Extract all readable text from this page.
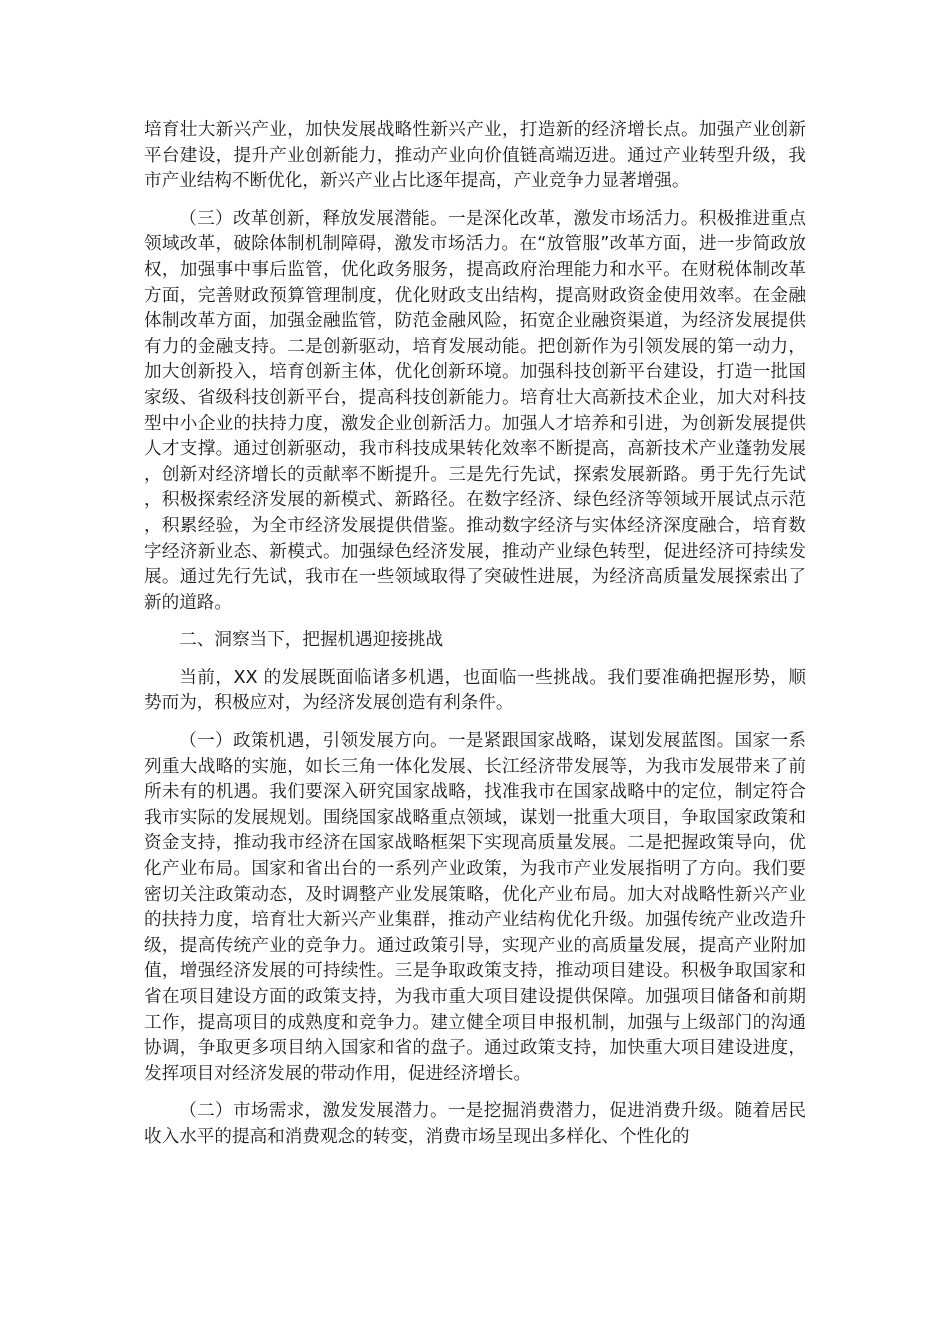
培育壮大新兴产业，加快发展战略性新兴产业，打造新的经济增长点。加强产业创新平台建设，提升产业创新能力，推动产业向价值链高端迈进。通过产业转型升级，我市产业结构不断优化，新兴产业占比逐年提高，产业竞争力显著增强。

（三）改革创新，释放发展潜能。一是深化改革，激发市场活力。积极推进重点领域改革，破除体制机制障碍，激发市场活力。在“放管服”改革方面，进一步简政放权，加强事中事后监管，优化政务服务，提高政府治理能力和水平。在财税体制改革方面，完善财政预算管理制度，优化财政支出结构，提高财政资金使用效率。在金融体制改革方面，加强金融监管，防范金融风险，拓宽企业融资渠道，为经济发展提供有力的金融支持。二是创新驱动，培育发展动能。把创新作为引领发展的第一动力，加大创新投入，培育创新主体，优化创新环境。加强科技创新平台建设，打造一批国家级、省级科技创新平台，提高科技创新能力。培育壮大高新技术企业，加大对科技型中小企业的扶持力度，激发企业创新活力。加强人才培养和引进，为创新发展提供人才支撑。通过创新驱动，我市科技成果转化效率不断提高，高新技术产业蓬勃发展，创新对经济增长的贡献率不断提升。三是先行先试，探索发展新路。勇于先行先试，积极探索经济发展的新模式、新路径。在数字经济、绿色经济等领域开展试点示范，积累经验，为全市经济发展提供借鉴。推动数字经济与实体经济深度融合，培育数字经济新业态、新模式。加强绿色经济发展，推动产业绿色转型，促进经济可持续发展。通过先行先试，我市在一些领域取得了突破性进展，为经济高质量发展探索出了新的道路。

二、洞察当下，把握机遇迎接挑战

当前，XX 的发展既面临诸多机遇，也面临一些挑战。我们要准确把握形势，顺势而为，积极应对，为经济发展创造有利条件。

（一）政策机遇，引领发展方向。一是紧跟国家战略，谋划发展蓝图。国家一系列重大战略的实施，如长三角一体化发展、长江经济带发展等，为我市发展带来了前所未有的机遇。我们要深入研究国家战略，找准我市在国家战略中的定位，制定符合我市实际的发展规划。围绕国家战略重点领域，谋划一批重大项目，争取国家政策和资金支持，推动我市经济在国家战略框架下实现高质量发展。二是把握政策导向，优化产业布局。国家和省出台的一系列产业政策，为我市产业发展指明了方向。我们要密切关注政策动态，及时调整产业发展策略，优化产业布局。加大对战略性新兴产业的扶持力度，培育壮大新兴产业集群，推动产业结构优化升级。加强传统产业改造升级，提高传统产业的竞争力。通过政策引导，实现产业的高质量发展，提高产业附加值，增强经济发展的可持续性。三是争取政策支持，推动项目建设。积极争取国家和省在项目建设方面的政策支持，为我市重大项目建设提供保障。加强项目储备和前期工作，提高项目的成熟度和竞争力。建立健全项目申报机制，加强与上级部门的沟通协调，争取更多项目纳入国家和省的盘子。通过政策支持，加快重大项目建设进度，发挥项目对经济发展的带动作用，促进经济增长。

（二）市场需求，激发发展潜力。一是挖掘消费潜力，促进消费升级。随着居民收入水平的提高和消费观念的转变，消费市场呈现出多样化、个性化的
